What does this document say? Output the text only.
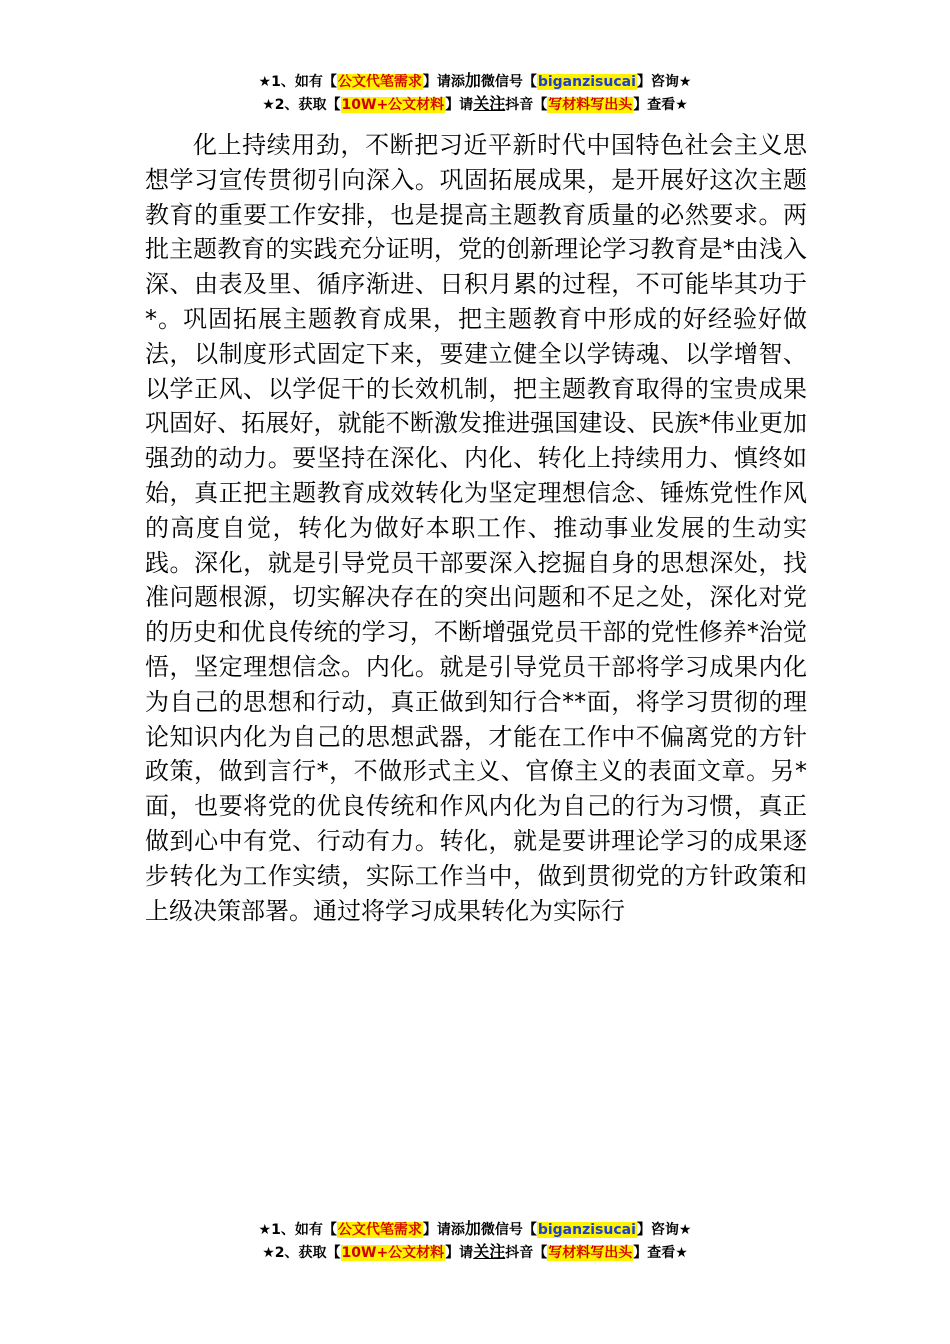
★1、如有【公文代笔需求】请添加微信号【biganzisucai】咨询★
★2、获取【10W+公文材料】请关注抖音【写材料写出头】查看★

化上持续用劲，不断把习近平新时代中国特色社会主义思想学习宣传贯彻引向深入。巩固拓展成果，是开展好这次主题教育的重要工作安排，也是提高主题教育质量的必然要求。两批主题教育的实践充分证明，党的创新理论学习教育是*由浅入深、由表及里、循序渐进、日积月累的过程，不可能毕其功于*。巩固拓展主题教育成果，把主题教育中形成的好经验好做法，以制度形式固定下来，要建立健全以学铸魂、以学增智、以学正风、以学促干的长效机制，把主题教育取得的宝贵成果巩固好、拓展好，就能不断激发推进强国建设、民族*伟业更加强劲的动力。要坚持在深化、内化、转化上持续用力、慎终如始，真正把主题教育成效转化为坚定理想信念、锤炼党性作风的高度自觉，转化为做好本职工作、推动事业发展的生动实践。深化，就是引导党员干部要深入挖掘自身的思想深处，找准问题根源，切实解决存在的突出问题和不足之处，深化对党的历史和优良传统的学习，不断增强党员干部的党性修养*治觉悟，坚定理想信念。内化。就是引导党员干部将学习成果内化为自己的思想和行动，真正做到知行合**面，将学习贯彻的理论知识内化为自己的思想武器，才能在工作中不偏离党的方针政策，做到言行*，不做形式主义、官僚主义的表面文章。另*面，也要将党的优良传统和作风内化为自己的行为习惯，真正做到心中有党、行动有力。转化，就是要讲理论学习的成果逐步转化为工作实绩，实际工作当中，做到贯彻党的方针政策和上级决策部署。通过将学习成果转化为实际行

★1、如有【公文代笔需求】请添加微信号【biganzisucai】咨询★
★2、获取【10W+公文材料】请关注抖音【写材料写出头】查看★
